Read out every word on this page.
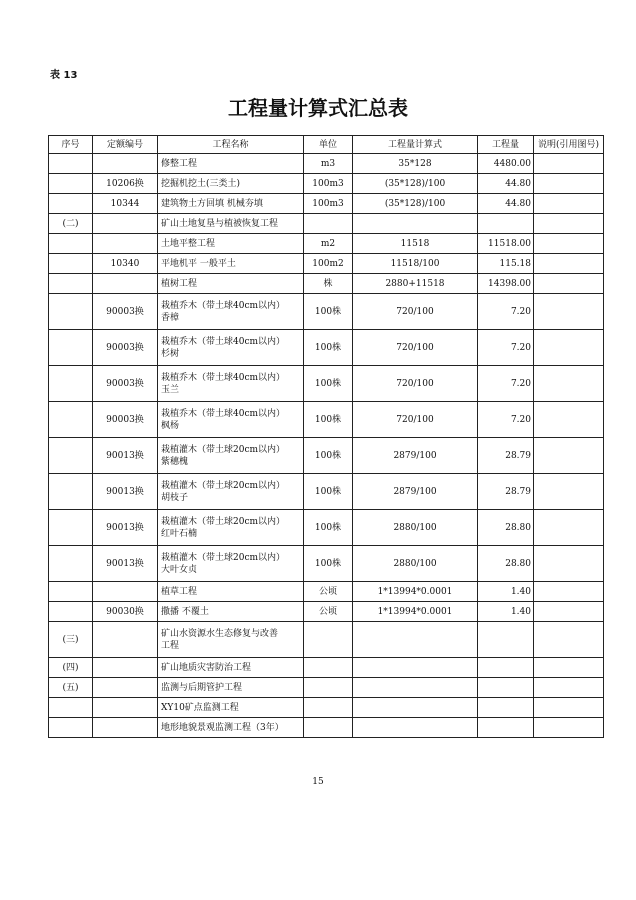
表 13
工程量计算式汇总表
序号	定额编号	工程名称	单位	工程量计算式	工程量	说明(引用图号)
		修整工程	m3	35*128	4480.00	
	10206换	挖掘机挖土(三类土)	100m3	(35*128)/100	44.80	
	10344	建筑物土方回填 机械夯填	100m3	(35*128)/100	44.80	
(二)		矿山土地复垦与植被恢复工程				
		土地平整工程	m2	11518	11518.00	
	10340	平地机平 一般平土	100m2	11518/100	115.18	
		植树工程	株	2880+11518	14398.00	
	90003换	栽植乔木（带土球40cm以内）
香樟	100株	720/100	7.20	
	90003换	栽植乔木（带土球40cm以内）
杉树	100株	720/100	7.20	
	90003换	栽植乔木（带土球40cm以内）
玉兰	100株	720/100	7.20	
	90003换	栽植乔木（带土球40cm以内）
枫杨	100株	720/100	7.20	
	90013换	栽植灌木（带土球20cm以内）
紫穗槐	100株	2879/100	28.79	
	90013换	栽植灌木（带土球20cm以内）
胡枝子	100株	2879/100	28.79	
	90013换	栽植灌木（带土球20cm以内）
红叶石楠	100株	2880/100	28.80	
	90013换	栽植灌木（带土球20cm以内）
大叶女贞	100株	2880/100	28.80	
		植草工程	公顷	1*13994*0.0001	1.40	
	90030换	撒播 不覆土	公顷	1*13994*0.0001	1.40	
(三)		矿山水资源水生态修复与改善
工程				
(四)		矿山地质灾害防治工程				
(五)		监测与后期管护工程				
		XY10矿点监测工程				
		地形地貌景观监测工程（3年）				
15
